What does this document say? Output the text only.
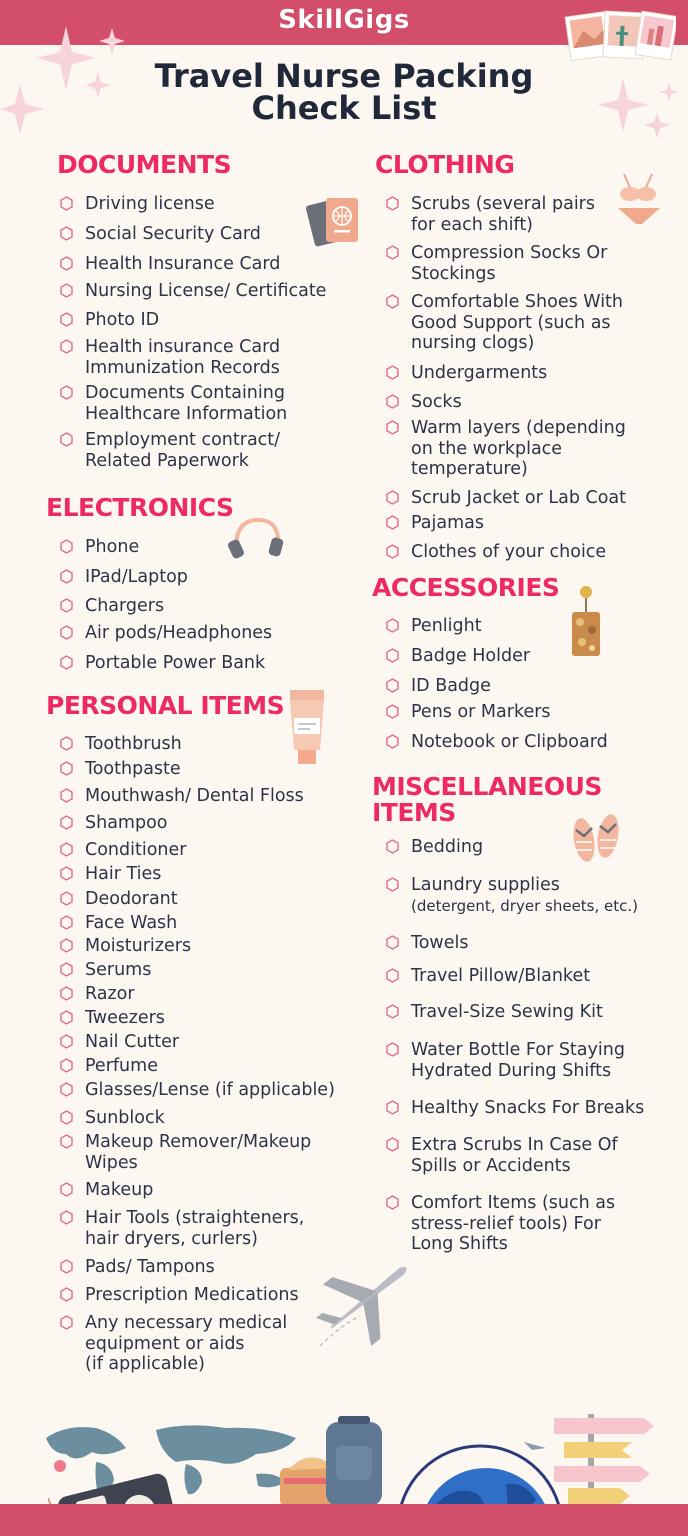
SkillGigs
Travel Nurse Packing
Check List
DOCUMENTS	CLOTHING
ELECTRONICS
ACCESSORIES
PERSONAL ITEMS
MISCELLANEOUS
ITEMS
Driving license
Social Security Card
Health Insurance Card
Nursing License/ Certificate
Photo ID
Health insurance Card
Immunization Records
Documents Containing
Healthcare Information
Employment contract/
Related Paperwork
Phone
IPad/Laptop
Chargers
Air pods/Headphones
Portable Power Bank
Toothbrush
Toothpaste
Mouthwash/ Dental Floss
Shampoo
Conditioner
Hair Ties
Deodorant
Face Wash
Moisturizers
Serums
Razor
Tweezers
Nail Cutter
Perfume
Glasses/Lense (if applicable)
Sunblock
Makeup Remover/Makeup
Wipes
Makeup
Hair Tools (straighteners,
hair dryers, curlers)
Pads/ Tampons
Prescription Medications
Any necessary medical
equipment or aids
(if applicable)
Scrubs (several pairs
for each shift)
Compression Socks Or
Stockings
Comfortable Shoes With
Good Support (such as
nursing clogs)
Undergarments
Socks
Warm layers (depending
on the workplace
temperature)
Scrub Jacket or Lab Coat
Pajamas
Clothes of your choice
Penlight
Badge Holder
ID Badge
Pens or Markers
Notebook or Clipboard
Bedding
Laundry supplies
(detergent, dryer sheets, etc.)
Towels
Travel Pillow/Blanket
Travel-Size Sewing Kit
Water Bottle For Staying
Hydrated During Shifts
Healthy Snacks For Breaks
Extra Scrubs In Case Of
Spills or Accidents
Comfort Items (such as
stress-relief tools) For
Long Shifts
